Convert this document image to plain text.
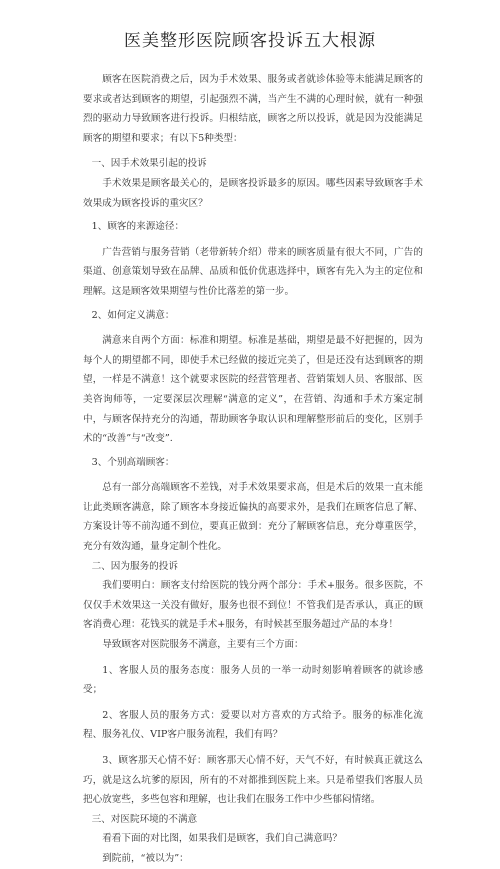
医美整形医院顾客投诉五大根源

顾客在医院消费之后，因为手术效果、服务或者就诊体验等未能满足顾客的要求或者达到顾客的期望，引起强烈不满，当产生不满的心理时候，就有一种强烈的驱动力导致顾客进行投诉。归根结底，顾客之所以投诉，就是因为没能满足顾客的期望和要求；有以下5种类型：

一、因手术效果引起的投诉

手术效果是顾客最关心的，是顾客投诉最多的原因。哪些因素导致顾客手术效果成为顾客投诉的重灾区？

1、顾客的来源途径：

广告营销与服务营销（老带新转介绍）带来的顾客质量有很大不同，广告的渠道、创意策划导致在品牌、品质和低价优惠选择中，顾客有先入为主的定位和理解。这是顾客效果期望与性价比落差的第一步。

2、如何定义满意：

满意来自两个方面：标准和期望。标准是基础，期望是最不好把握的，因为每个人的期望都不同，即使手术已经做的接近完美了，但是还没有达到顾客的期望，一样是不满意！这个就要求医院的经营管理者、营销策划人员、客服部、医美咨询师等，一定要深层次理解“满意的定义”，在营销、沟通和手术方案定制中，与顾客保持充分的沟通，帮助顾客争取认识和理解整形前后的变化，区别手术的“改善”与“改变”.

3、个别高端顾客：

总有一部分高端顾客不差钱，对手术效果要求高，但是术后的效果一直未能让此类顾客满意，除了顾客本身接近偏执的高要求外，是我们在顾客信息了解、方案设计等不前沟通不到位，要真正做到：充分了解顾客信息，充分尊重医学，充分有效沟通，量身定制个性化。

二、因为服务的投诉

我们要明白：顾客支付给医院的钱分两个部分：手术+服务。很多医院，不仅仅手术效果这一关没有做好，服务也很不到位！不管我们是否承认，真正的顾客消费心理：花钱买的就是手术+服务，有时候甚至服务超过产品的本身！

导致顾客对医院服务不满意，主要有三个方面：

1、客服人员的服务态度：服务人员的一举一动时刻影响着顾客的就诊感受；

2、客服人员的服务方式：爱要以对方喜欢的方式给予。服务的标准化流程、服务礼仪、VIP客户服务流程，我们有吗？

3、顾客那天心情不好：顾客那天心情不好，天气不好，有时候真正就这么巧，就是这么坑爹的原因，所有的不对都推到医院上来。只是希望我们客服人员把心放宽些，多些包容和理解，也让我们在服务工作中少些郁闷情绪。

三、对医院环境的不满意

看看下面的对比图，如果我们是顾客，我们自己满意吗？

到院前，“被以为”：
